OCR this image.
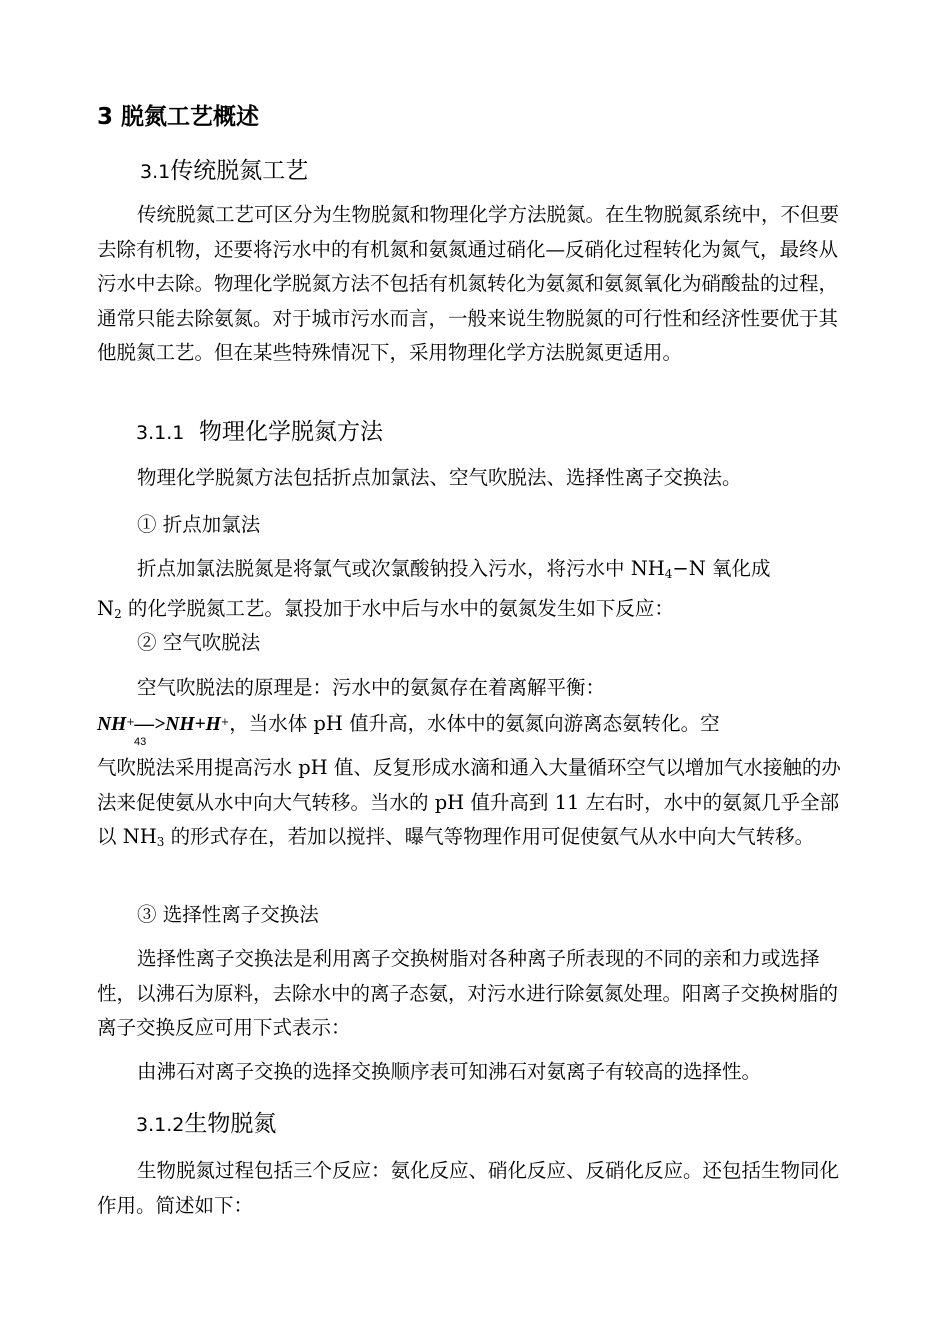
3 脱氮工艺概述
3.1传统脱氮工艺
传统脱氮工艺可区分为生物脱氮和物理化学方法脱氮。在生物脱氮系统中，不但要去除有机物，还要将污水中的有机氮和氨氮通过硝化—反硝化过程转化为氮气，最终从污水中去除。物理化学脱氮方法不包括有机氮转化为氨氮和氨氮氧化为硝酸盐的过程，通常只能去除氨氮。对于城市污水而言，一般来说生物脱氮的可行性和经济性要优于其他脱氮工艺。但在某些特殊情况下，采用物理化学方法脱氮更适用。
3.1.1 物理化学脱氮方法
物理化学脱氮方法包括折点加氯法、空气吹脱法、选择性离子交换法。
① 折点加氯法
折点加氯法脱氮是将氯气或次氯酸钠投入污水，将污水中 $NH_4-N$ 氧化成
$N_2$ 的化学脱氮工艺。氯投加于水中后与水中的氨氮发生如下反应：
② 空气吹脱法
空气吹脱法的原理是：污水中的氨氮存在着离解平衡：
NH+—>NH+H+，当水体 pH 值升高，水体中的氨氮向游离态氨转化。空
43
气吹脱法采用提高污水 pH 值、反复形成水滴和通入大量循环空气以增加气水接触的办法来促使氨从水中向大气转移。当水的 pH 值升高到 11 左右时，水中的氨氮几乎全部以 $NH_3$ 的形式存在，若加以搅拌、曝气等物理作用可促使氨气从水中向大气转移。
③ 选择性离子交换法
选择性离子交换法是利用离子交换树脂对各种离子所表现的不同的亲和力或选择性，以沸石为原料，去除水中的离子态氨，对污水进行除氨氮处理。阳离子交换树脂的离子交换反应可用下式表示：
由沸石对离子交换的选择交换顺序表可知沸石对氨离子有较高的选择性。
3.1.2生物脱氮
生物脱氮过程包括三个反应：氨化反应、硝化反应、反硝化反应。还包括生物同化作用。简述如下：
